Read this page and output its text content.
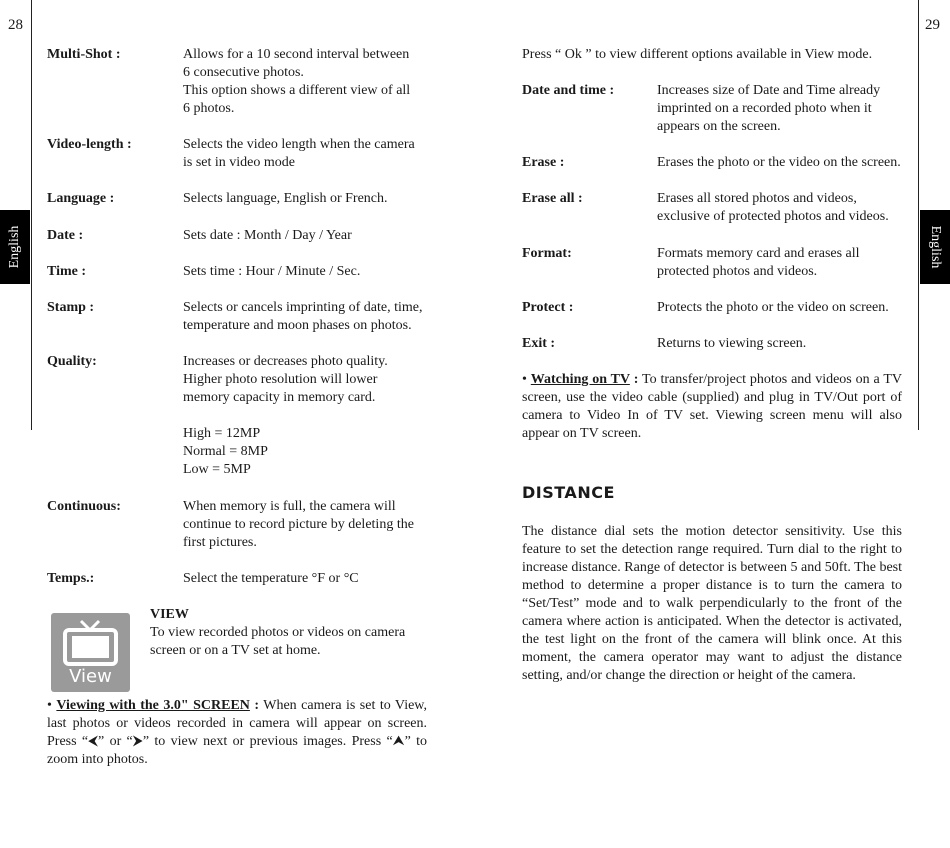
28	29
English	English
Multi-Shot :	Allows for a 10 second interval between
6 consecutive photos.
This option shows a different view of all
6 photos.
Video-length :	Selects the video length when the camera
is set in video mode
Language :	Selects language, English or French.
Date :	Sets date : Month / Day / Year
Time :	Sets time : Hour / Minute / Sec.
Stamp :	Selects or cancels imprinting of date, time,
temperature and moon phases on photos.
Quality:	Increases or decreases photo quality.
Higher photo resolution will lower
memory capacity in memory card.
High = 12MP
Normal = 8MP
Low = 5MP
Continuous:	When memory is full, the camera will
continue to record picture by deleting the
first pictures.
Temps.:	Select the temperature °F or °C
View
VIEW
To view recorded photos or videos on camera
screen or on a TV set at home.
• Viewing with the 3.0" SCREEN : When camera is set to View, last photos or videos recorded in camera will appear on screen. Press “⮜” or “⮞” to view next or previous images. Press “⮝” to zoom into photos.
Press “ Ok ” to view different options available in View mode.
Date and time :	Increases size of Date and Time already
imprinted on a recorded photo when it
appears on the screen.
Erase :	Erases the photo or the video on the screen.
Erase all :	Erases all stored photos and videos,
exclusive of protected photos and videos.
Format:	Formats memory card and erases all
protected photos and videos.
Protect :	Protects the photo or the video on screen.
Exit :	Returns to viewing screen.
• Watching on TV : To transfer/project photos and videos on a TV screen, use the video cable (supplied) and plug in TV/Out port of camera to Video In of TV set. Viewing screen menu will also appear on TV screen.
DISTANCE
The distance dial sets the motion detector sensitivity. Use this feature to set the detection range required. Turn dial to the right to increase distance. Range of detector is between 5 and 50ft. The best method to determine a proper distance is to turn the camera to “Set/Test” mode and to walk perpendicularly to the front of the camera where action is anticipated. When the detector is activated, the test light on the front of the camera will blink once. At this moment, the camera operator may want to adjust the distance setting, and/or change the direction or height of the camera.
